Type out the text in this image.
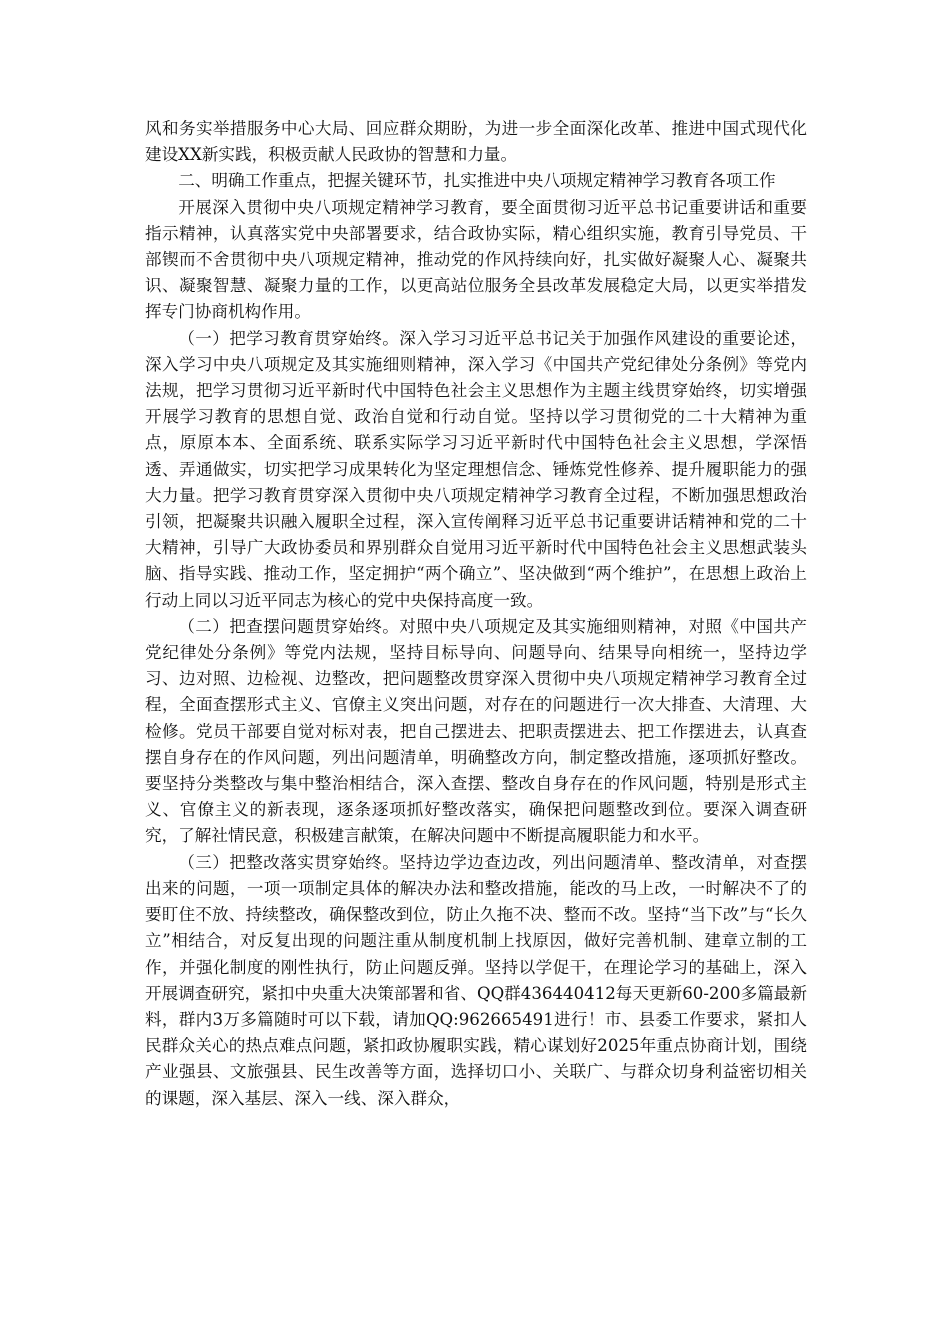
风和务实举措服务中心大局、回应群众期盼，为进一步全面深化改革、推进中国式现代化建设XX新实践，积极贡献人民政协的智慧和力量。

二、明确工作重点，把握关键环节，扎实推进中央八项规定精神学习教育各项工作

开展深入贯彻中央八项规定精神学习教育，要全面贯彻习近平总书记重要讲话和重要指示精神，认真落实党中央部署要求，结合政协实际，精心组织实施，教育引导党员、干部锲而不舍贯彻中央八项规定精神，推动党的作风持续向好，扎实做好凝聚人心、凝聚共识、凝聚智慧、凝聚力量的工作，以更高站位服务全县改革发展稳定大局，以更实举措发挥专门协商机构作用。

（一）把学习教育贯穿始终。深入学习习近平总书记关于加强作风建设的重要论述，深入学习中央八项规定及其实施细则精神，深入学习《中国共产党纪律处分条例》等党内法规，把学习贯彻习近平新时代中国特色社会主义思想作为主题主线贯穿始终，切实增强开展学习教育的思想自觉、政治自觉和行动自觉。坚持以学习贯彻党的二十大精神为重点，原原本本、全面系统、联系实际学习习近平新时代中国特色社会主义思想，学深悟透、弄通做实，切实把学习成果转化为坚定理想信念、锤炼党性修养、提升履职能力的强大力量。把学习教育贯穿深入贯彻中央八项规定精神学习教育全过程，不断加强思想政治引领，把凝聚共识融入履职全过程，深入宣传阐释习近平总书记重要讲话精神和党的二十大精神，引导广大政协委员和界别群众自觉用习近平新时代中国特色社会主义思想武装头脑、指导实践、推动工作，坚定拥护“两个确立”、坚决做到“两个维护”，在思想上政治上行动上同以习近平同志为核心的党中央保持高度一致。

（二）把查摆问题贯穿始终。对照中央八项规定及其实施细则精神，对照《中国共产党纪律处分条例》等党内法规，坚持目标导向、问题导向、结果导向相统一，坚持边学习、边对照、边检视、边整改，把问题整改贯穿深入贯彻中央八项规定精神学习教育全过程，全面查摆形式主义、官僚主义突出问题，对存在的问题进行一次大排查、大清理、大检修。党员干部要自觉对标对表，把自己摆进去、把职责摆进去、把工作摆进去，认真查摆自身存在的作风问题，列出问题清单，明确整改方向，制定整改措施，逐项抓好整改。要坚持分类整改与集中整治相结合，深入查摆、整改自身存在的作风问题，特别是形式主义、官僚主义的新表现，逐条逐项抓好整改落实，确保把问题整改到位。要深入调查研究，了解社情民意，积极建言献策，在解决问题中不断提高履职能力和水平。

（三）把整改落实贯穿始终。坚持边学边查边改，列出问题清单、整改清单，对查摆出来的问题，一项一项制定具体的解决办法和整改措施，能改的马上改，一时解决不了的要盯住不放、持续整改，确保整改到位，防止久拖不决、整而不改。坚持“当下改”与“长久立”相结合，对反复出现的问题注重从制度机制上找原因，做好完善机制、建章立制的工作，并强化制度的刚性执行，防止问题反弹。坚持以学促干，在理论学习的基础上，深入开展调查研究，紧扣中央重大决策部署和省、QQ群436440412每天更新60-200多篇最新料，群内3万多篇随时可以下载，请加QQ:962665491进行！市、县委工作要求，紧扣人民群众关心的热点难点问题，紧扣政协履职实践，精心谋划好2025年重点协商计划，围绕产业强县、文旅强县、民生改善等方面，选择切口小、关联广、与群众切身利益密切相关的课题，深入基层、深入一线、深入群众，
